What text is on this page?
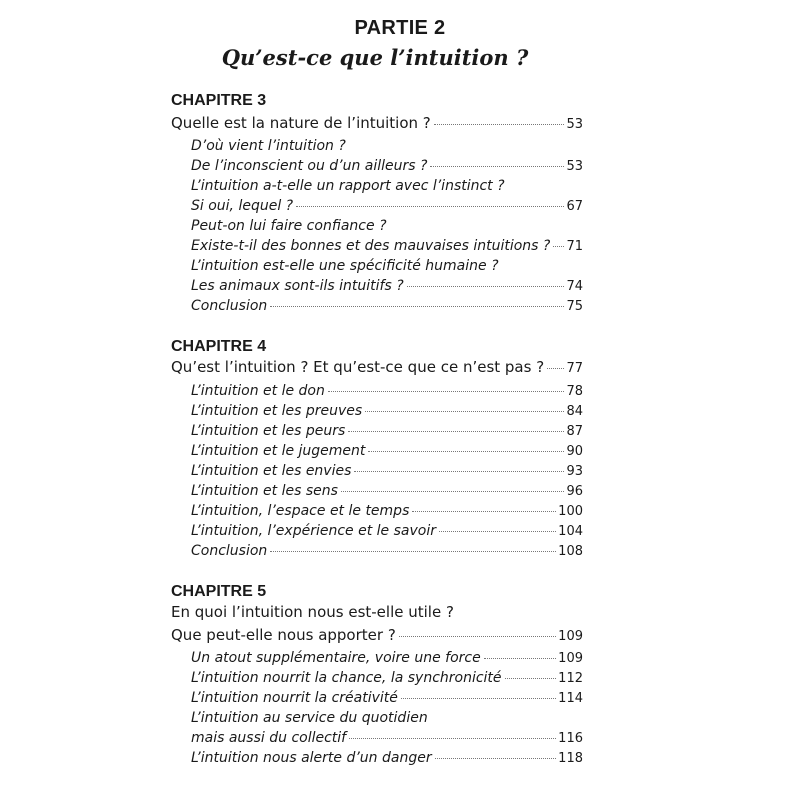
PARTIE 2
Qu’est-ce que l’intuition ?
CHAPITRE 3
Quelle est la nature de l’intuition ?	53
D’où vient l’intuition ?
De l’inconscient ou d’un ailleurs ?	53
L’intuition a-t-elle un rapport avec l’instinct ?
Si oui, lequel ?	67
Peut-on lui faire confiance ?
Existe-t-il des bonnes et des mauvaises intuitions ? 71
L’intuition est-elle une spécificité humaine ?
Les animaux sont-ils intuitifs ?	74
Conclusion	75
CHAPITRE 4
Qu’est l’intuition ? Et qu’est-ce que ce n’est pas ? 77
L’intuition et le don	78
L’intuition et les preuves	84
L’intuition et les peurs	87
L’intuition et le jugement	90
L’intuition et les envies	93
L’intuition et les sens	96
L’intuition, l’espace et le temps	100
L’intuition, l’expérience et le savoir	104
Conclusion	108
CHAPITRE 5
En quoi l’intuition nous est-elle utile ?
Que peut-elle nous apporter ?	109
Un atout supplémentaire, voire une force	109
L’intuition nourrit la chance, la synchronicité	112
L’intuition nourrit la créativité	114
L’intuition au service du quotidien
mais aussi du collectif	116
L’intuition nous alerte d’un danger	118
